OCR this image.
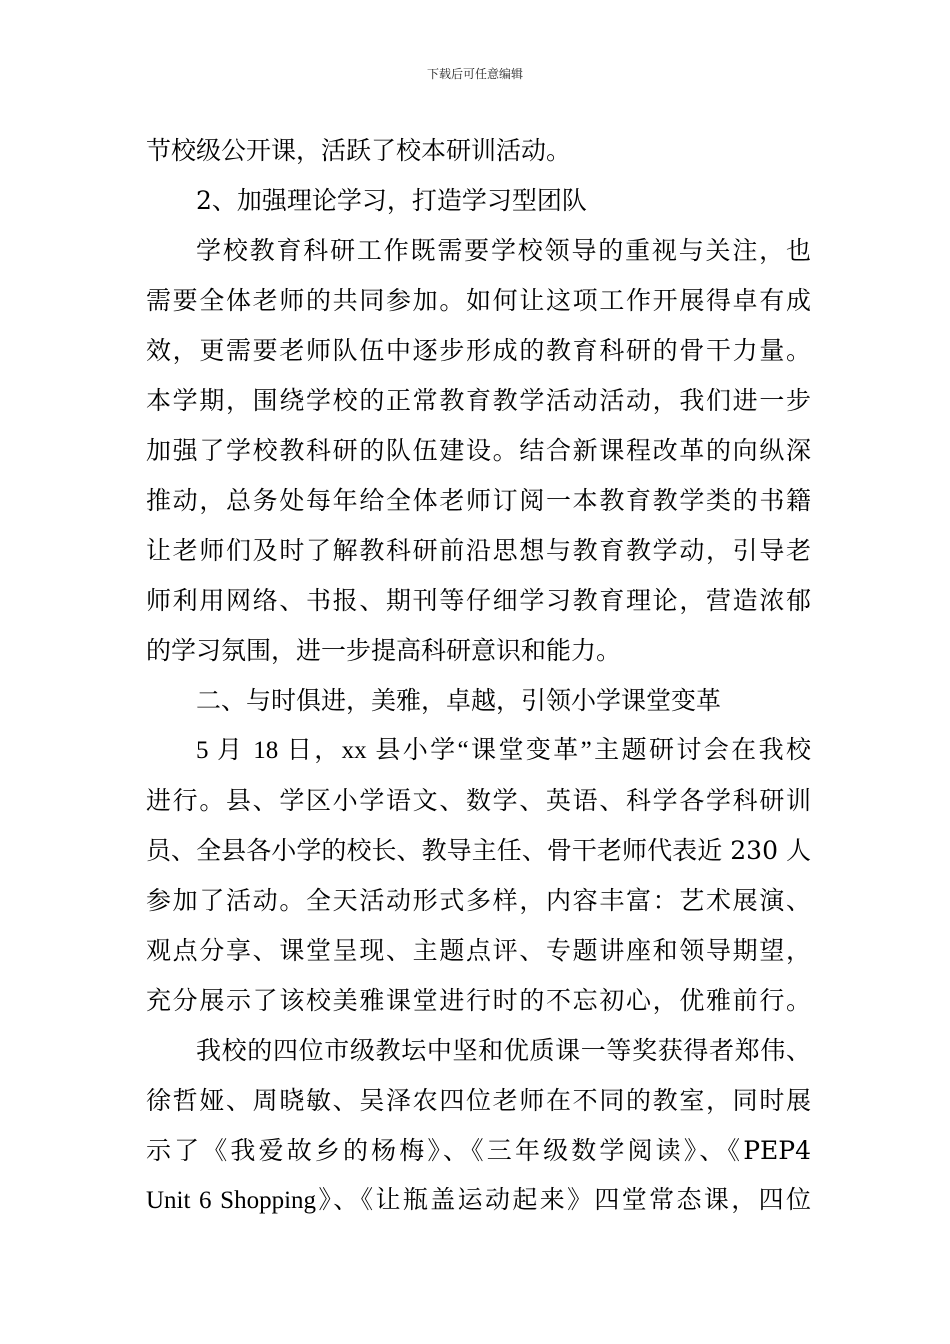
下载后可任意编辑
节校级公开课，活跃了校本研训活动。
2、加强理论学习，打造学习型团队
学校教育科研工作既需要学校领导的重视与关注，也
需要全体老师的共同参加。如何让这项工作开展得卓有成
效，更需要老师队伍中逐步形成的教育科研的骨干力量。
本学期，围绕学校的正常教育教学活动活动，我们进一步
加强了学校教科研的队伍建设。结合新课程改革的向纵深
推动，总务处每年给全体老师订阅一本教育教学类的书籍
让老师们及时了解教科研前沿思想与教育教学动，引导老
师利用网络、书报、期刊等仔细学习教育理论，营造浓郁
的学习氛围，进一步提高科研意识和能力。
二、与时俱进，美雅，卓越，引领小学课堂变革
5 月 18 日，xx 县小学“课堂变革”主题研讨会在我校
进行。县、学区小学语文、数学、英语、科学各学科研训
员、全县各小学的校长、教导主任、骨干老师代表近 230 人
参加了活动。全天活动形式多样，内容丰富：艺术展演、
观点分享、课堂呈现、主题点评、专题讲座和领导期望，
充分展示了该校美雅课堂进行时的不忘初心，优雅前行。
我校的四位市级教坛中坚和优质课一等奖获得者郑伟、
徐哲娅、周晓敏、吴泽农四位老师在不同的教室，同时展
示了《我爱故乡的杨梅》、《三年级数学阅读》、《PEP4
Unit 6 Shopping》、《让瓶盖运动起来》四堂常态课，四位
